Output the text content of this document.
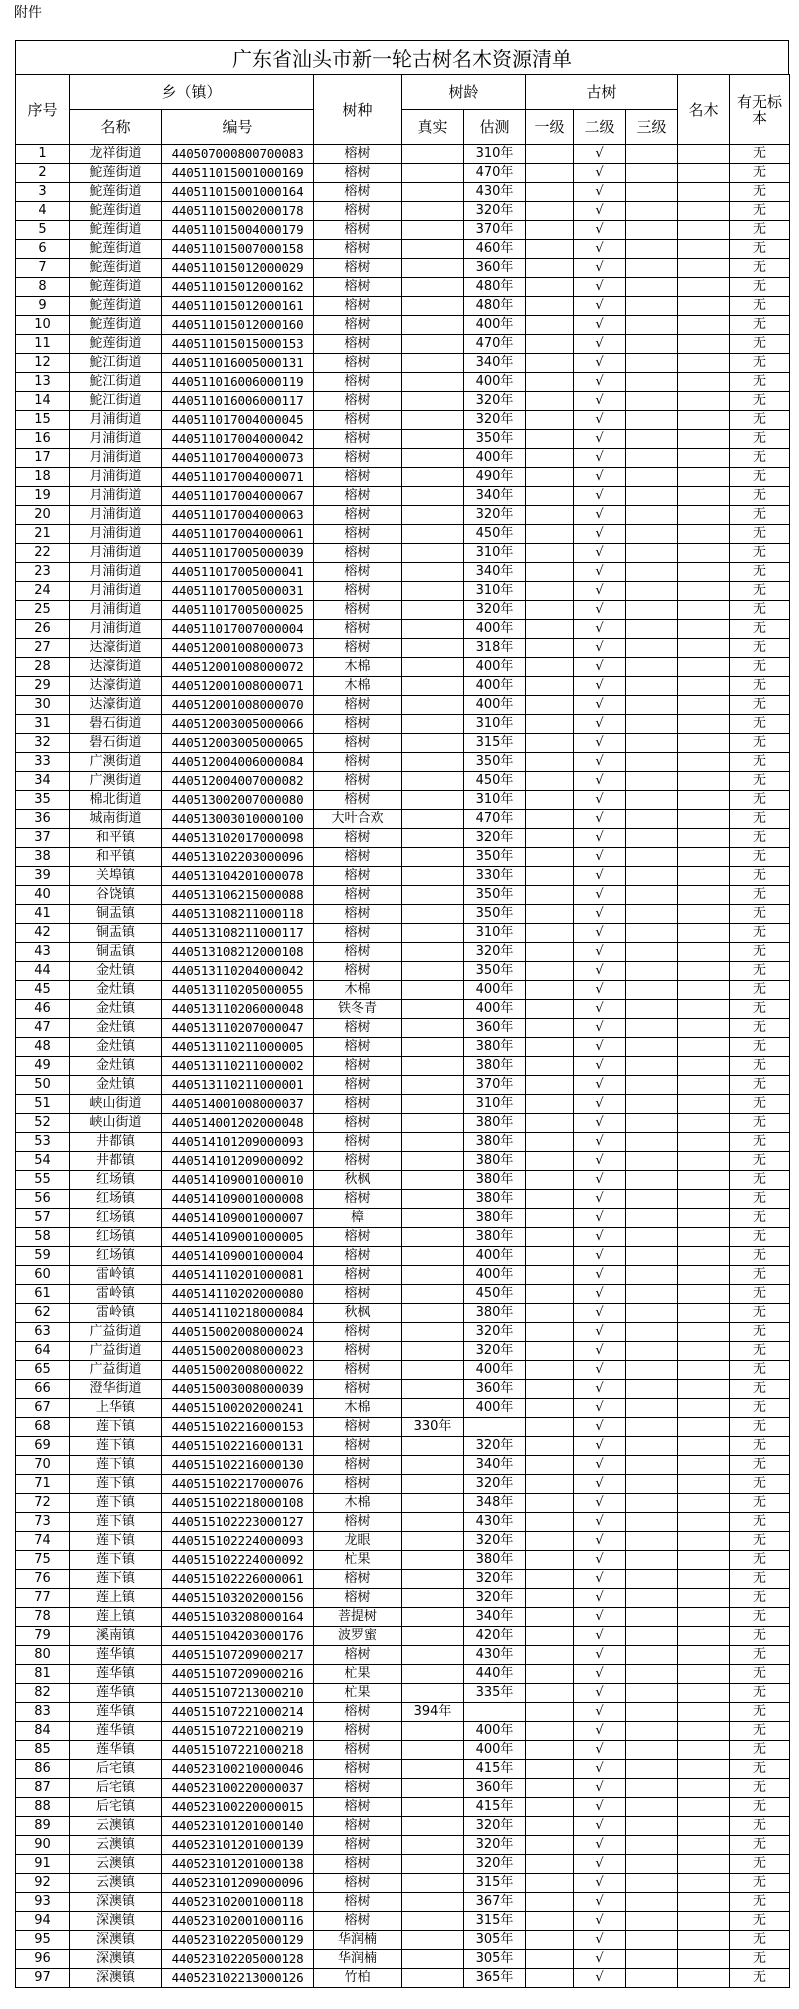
附件
广东省汕头市新一轮古树名木资源清单
序号	乡（镇）		树种	树龄		古树			名木	有无标本
	名称	编号		真实	估测	一级	二级	三级		
1	龙祥街道	440507000800700083	榕树		310年		√			无
2	鮀莲街道	440511015001000169	榕树		470年		√			无
3	鮀莲街道	440511015001000164	榕树		430年		√			无
4	鮀莲街道	440511015002000178	榕树		320年		√			无
5	鮀莲街道	440511015004000179	榕树		370年		√			无
6	鮀莲街道	440511015007000158	榕树		460年		√			无
7	鮀莲街道	440511015012000029	榕树		360年		√			无
8	鮀莲街道	440511015012000162	榕树		480年		√			无
9	鮀莲街道	440511015012000161	榕树		480年		√			无
10	鮀莲街道	440511015012000160	榕树		400年		√			无
11	鮀莲街道	440511015015000153	榕树		470年		√			无
12	鮀江街道	440511016005000131	榕树		340年		√			无
13	鮀江街道	440511016006000119	榕树		400年		√			无
14	鮀江街道	440511016006000117	榕树		320年		√			无
15	月浦街道	440511017004000045	榕树		320年		√			无
16	月浦街道	440511017004000042	榕树		350年		√			无
17	月浦街道	440511017004000073	榕树		400年		√			无
18	月浦街道	440511017004000071	榕树		490年		√			无
19	月浦街道	440511017004000067	榕树		340年		√			无
20	月浦街道	440511017004000063	榕树		320年		√			无
21	月浦街道	440511017004000061	榕树		450年		√			无
22	月浦街道	440511017005000039	榕树		310年		√			无
23	月浦街道	440511017005000041	榕树		340年		√			无
24	月浦街道	440511017005000031	榕树		310年		√			无
25	月浦街道	440511017005000025	榕树		320年		√			无
26	月浦街道	440511017007000004	榕树		400年		√			无
27	达濠街道	440512001008000073	榕树		318年		√			无
28	达濠街道	440512001008000072	木棉		400年		√			无
29	达濠街道	440512001008000071	木棉		400年		√			无
30	达濠街道	440512001008000070	榕树		400年		√			无
31	礐石街道	440512003005000066	榕树		310年		√			无
32	礐石街道	440512003005000065	榕树		315年		√			无
33	广澳街道	440512004006000084	榕树		350年		√			无
34	广澳街道	440512004007000082	榕树		450年		√			无
35	棉北街道	440513002007000080	榕树		310年		√			无
36	城南街道	440513003010000100	大叶合欢		470年		√			无
37	和平镇	440513102017000098	榕树		320年		√			无
38	和平镇	440513102203000096	榕树		350年		√			无
39	关埠镇	440513104201000078	榕树		330年		√			无
40	谷饶镇	440513106215000088	榕树		350年		√			无
41	铜盂镇	440513108211000118	榕树		350年		√			无
42	铜盂镇	440513108211000117	榕树		310年		√			无
43	铜盂镇	440513108212000108	榕树		320年		√			无
44	金灶镇	440513110204000042	榕树		350年		√			无
45	金灶镇	440513110205000055	木棉		400年		√			无
46	金灶镇	440513110206000048	铁冬青		400年		√			无
47	金灶镇	440513110207000047	榕树		360年		√			无
48	金灶镇	440513110211000005	榕树		380年		√			无
49	金灶镇	440513110211000002	榕树		380年		√			无
50	金灶镇	440513110211000001	榕树		370年		√			无
51	峡山街道	440514001008000037	榕树		310年		√			无
52	峡山街道	440514001202000048	榕树		380年		√			无
53	井都镇	440514101209000093	榕树		380年		√			无
54	井都镇	440514101209000092	榕树		380年		√			无
55	红场镇	440514109001000010	秋枫		380年		√			无
56	红场镇	440514109001000008	榕树		380年		√			无
57	红场镇	440514109001000007	樟		380年		√			无
58	红场镇	440514109001000005	榕树		380年		√			无
59	红场镇	440514109001000004	榕树		400年		√			无
60	雷岭镇	440514110201000081	榕树		400年		√			无
61	雷岭镇	440514110202000080	榕树		450年		√			无
62	雷岭镇	440514110218000084	秋枫		380年		√			无
63	广益街道	440515002008000024	榕树		320年		√			无
64	广益街道	440515002008000023	榕树		320年		√			无
65	广益街道	440515002008000022	榕树		400年		√			无
66	澄华街道	440515003008000039	榕树		360年		√			无
67	上华镇	440515100202000241	木棉		400年		√			无
68	莲下镇	440515102216000153	榕树	330年			√			无
69	莲下镇	440515102216000131	榕树		320年		√			无
70	莲下镇	440515102216000130	榕树		340年		√			无
71	莲下镇	440515102217000076	榕树		320年		√			无
72	莲下镇	440515102218000108	木棉		348年		√			无
73	莲下镇	440515102223000127	榕树		430年		√			无
74	莲下镇	440515102224000093	龙眼		320年		√			无
75	莲下镇	440515102224000092	杧果		380年		√			无
76	莲下镇	440515102226000061	榕树		320年		√			无
77	莲上镇	440515103202000156	榕树		320年		√			无
78	莲上镇	440515103208000164	菩提树		340年		√			无
79	溪南镇	440515104203000176	波罗蜜		420年		√			无
80	莲华镇	440515107209000217	榕树		430年		√			无
81	莲华镇	440515107209000216	杧果		440年		√			无
82	莲华镇	440515107213000210	杧果		335年		√			无
83	莲华镇	440515107221000214	榕树	394年			√			无
84	莲华镇	440515107221000219	榕树		400年		√			无
85	莲华镇	440515107221000218	榕树		400年		√			无
86	后宅镇	440523100210000046	榕树		415年		√			无
87	后宅镇	440523100220000037	榕树		360年		√			无
88	后宅镇	440523100220000015	榕树		415年		√			无
89	云澳镇	440523101201000140	榕树		320年		√			无
90	云澳镇	440523101201000139	榕树		320年		√			无
91	云澳镇	440523101201000138	榕树		320年		√			无
92	云澳镇	440523101209000096	榕树		315年		√			无
93	深澳镇	440523102001000118	榕树		367年		√			无
94	深澳镇	440523102001000116	榕树		315年		√			无
95	深澳镇	440523102205000129	华润楠		305年		√			无
96	深澳镇	440523102205000128	华润楠		305年		√			无
97	深澳镇	440523102213000126	竹柏		365年		√			无
